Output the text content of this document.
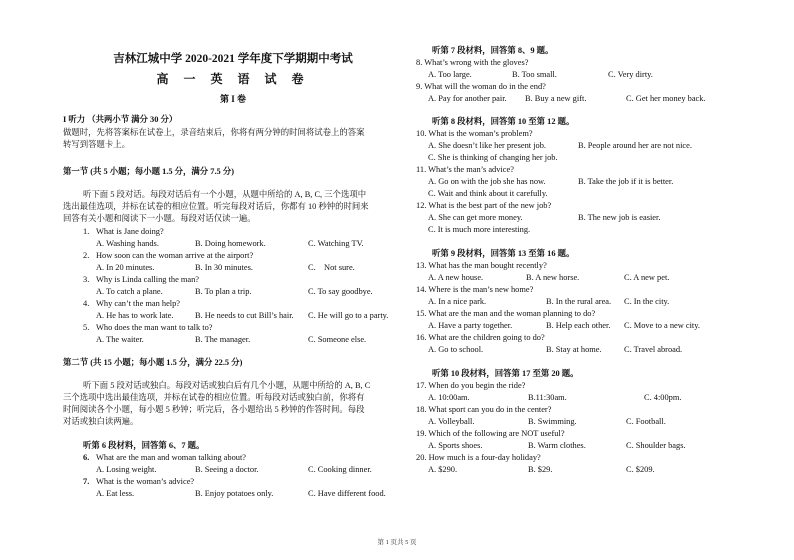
吉林江城中学 2020-2021 学年度下学期期中考试
高 一 英 语 试 卷
第 I 卷
I 听力 （共两小节 满分 30 分）
做题时，先将答案标在试卷上，录音结束后，你将有两分钟的时间将试卷上的答案
转写到答题卡上。
第一节 (共 5 小题；每小题 1.5 分，满分 7.5 分)
听下面 5 段对话。每段对话后有一个小题，从题中所给的 A, B, C, 三个选项中
选出最佳选项，并标在试卷的相应位置。听完每段对话后，你都有 10 秒钟的时间来
回答有关小题和阅读下一小题。每段对话仅读一遍。
1. What is Jane doing?
A. Washing hands.	B. Doing homework.	C. Watching TV.
2. How soon can the woman arrive at the airport?
A. In 20 minutes.	B. In 30 minutes.	C.    Not sure.
3. Why is Linda calling the man?
A. To catch a plane.	B. To plan a trip.	C. To say goodbye.
4. Why can’t the man help?
A. He has to work late.	B. He needs to cut Bill’s hair. C. He will go to a party.
5. Who does the man want to talk to?
A. The waiter.	B. The manager.	C. Someone else.
第二节 (共 15 小题；每小题 1.5 分，满分 22.5 分)
听下面 5 段对话或独白。每段对话或独白后有几个小题，从题中所给的 A, B, C
三个选项中选出最佳选项，并标在试卷的相应位置。听每段对话或独白前，你将有
时间阅读各个小题，每小题 5 秒钟；听完后，各小题给出 5 秒钟的作答时间。每段
对话或独白读两遍。
听第 6 段材料，回答第 6、7 题。
6. What are the man and woman talking about?
A. Losing weight.	B. Seeing a doctor.	C. Cooking dinner.
7. What is the woman’s advice?
A. Eat less.	B. Enjoy potatoes only.	C. Have different food.
听第 7 段材料，回答第 8、9 题。
8. What’s wrong with the gloves?
A. Too large.	B. Too small.	C. Very dirty.
9. What will the woman do in the end?
A. Pay for another pair. B. Buy a new gift.	C. Get her money back.
听第 8 段材料，回答第 10 至第 12 题。
10. What is the woman’s problem?
A. She doesn’t like her present job.	B. People around her are not nice.
C. She is thinking of changing her job.
11. What’s the man’s advice?
A. Go on with the job she has now.	B. Take the job if it is better.
C. Wait and think about it carefully.
12. What is the best part of the new job?
A. She can get more money.	B. The new job is easier.
C. It is much more interesting.
听第 9 段材料，回答第 13 至第 16 题。
13. What has the man bought recently?
A. A new house.	B. A new horse.	C. A new pet.
14. Where is the man’s new home?
A. In a nice park.	B. In the rural area. C. In the city.
15. What are the man and the woman planning to do?
A. Have a party together.	B. Help each other. C. Move to a new city.
16. What are the children going to do?
A. Go to school.	B. Stay at home.	C. Travel abroad.
听第 10 段材料，回答第 17 至第 20 题。
17. When do you begin the ride?
A. 10:00am.	B.11:30am.	C. 4:00pm.
18. What sport can you do in the center?
A. Volleyball.	B. Swimming.	C. Football.
19. Which of the following are NOT useful?
A. Sports shoes.	B. Warm clothes.	C. Shoulder bags.
20. How much is a four-day holiday?
A. $290.	B. $29.	C. $209.
第 1 页共 5 页
